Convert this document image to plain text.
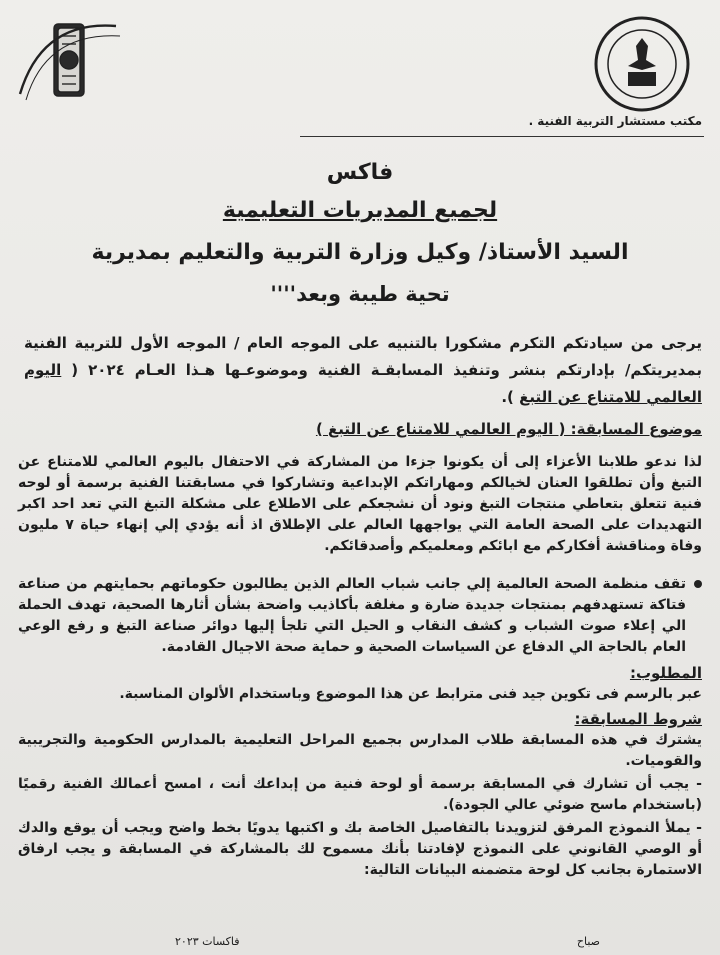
مكتب مستشار التربية الفنية .
فاكس
لجميع المديريات التعليمية
السيد الأستاذ/ وكيل وزارة التربية والتعليم بمديرية
تحية طيبة وبعد''''
يرجى من سيادتكم التكرم مشكورا بالتنبيه على الموجه العام / الموجه الأول للتربية الفنية بمديريتكم/ بإدارتكم بنشر وتنفيذ المسابقـة الفنية وموضوعـها هـذا العـام ٢٠٢٤ ( اليوم العالمي للامتناع عن التبغ ).
موضوع المسابقة: ( اليوم العالمي للامتناع عن التبغ )
لذا ندعو طلابنا الأعزاء إلى أن يكونوا جزءا من المشاركة في الاحتفال باليوم العالمي للامتناع عن التبغ وأن تطلقوا العنان لخيالكم ومهاراتكم الإبداعية وتشاركوا في مسابقتنا الفنية برسمة أو لوحه فنية تتعلق بتعاطي منتجات التبغ ونود أن نشجعكم على الاطلاع على مشكلة التبغ التي تعد احد اكبر التهديدات على الصحة العامة التي يواجهها العالم على الإطلاق اذ أنه يؤدي إلي إنهاء حياة ٧ مليون وفاة ومناقشة أفكاركم مع ابائكم ومعلميكم وأصدقائكم.
تقف منظمة الصحة العالمية إلي جانب شباب العالم الذين يطالبون حكوماتهم بحمايتهم من صناعة فتاكة تستهدفهم بمنتجات جديدة ضارة و مغلفة بأكاذيب واضحة بشأن أثارها الصحية، تهدف الحملة الي إعلاء صوت الشباب و كشف النقاب و الحيل التي تلجأ إليها دوائر صناعة التبغ و رفع الوعي العام بالحاجة الي الدفاع عن السياسات الصحية و حماية صحة الاجيال القادمة.
المطلوب:
عبر بالرسم فى تكوين جيد فنى مترابط عن هذا الموضوع وباستخدام الألوان المناسبة.
شروط المسابقة:
يشترك في هذه المسابقة طلاب المدارس بجميع المراحل التعليمية بالمدارس الحكومية والتجريبية والقوميات.
- يجب أن تشارك في المسابقة برسمة أو لوحة فنية من إبداعك أنت ، امسح أعمالك الفنية رقميًا (باستخدام ماسح ضوئي عالي الجودة).
- يملأ النموذج المرفق لتزويدنا بالتفاصيل الخاصة بك و اكتبها يدويًا بخط واضح ويجب أن يوقع والدك أو الوصي القانوني على النموذج لإفادتنا بأنك مسموح لك بالمشاركة في المسابقة و يجب ارفاق الاستمارة بجانب كل لوحة متضمنه البيانات التالية:
فاكسات ٢٠٢٣	صباح
